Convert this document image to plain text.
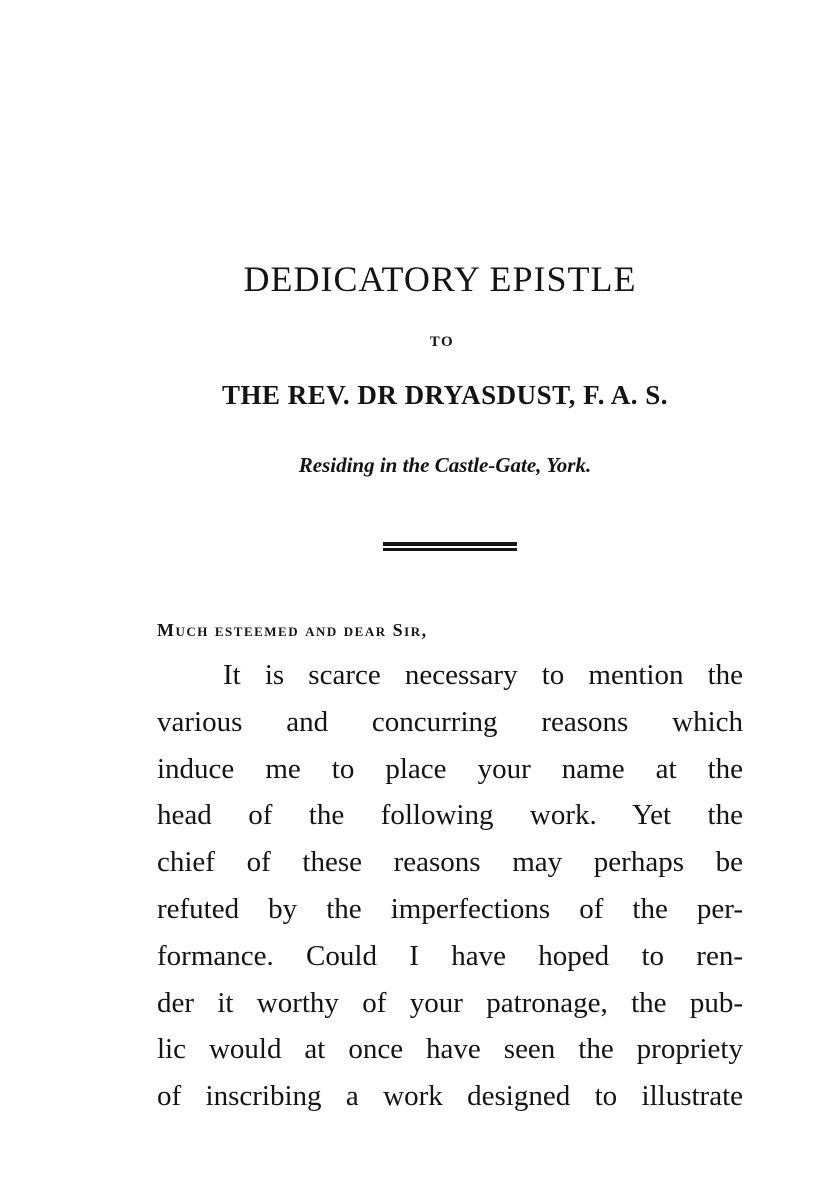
DEDICATORY EPISTLE
TO
THE REV. DR DRYASDUST, F. A. S.
Residing in the Castle-Gate, York.
Much esteemed and dear Sir,
It is scarce necessary to mention the
various and concurring reasons which
induce me to place your name at the
head of the following work. Yet the
chief of these reasons may perhaps be
refuted by the imperfections of the per-
formance. Could I have hoped to ren-
der it worthy of your patronage, the pub-
lic would at once have seen the propriety
of inscribing a work designed to illustrate
